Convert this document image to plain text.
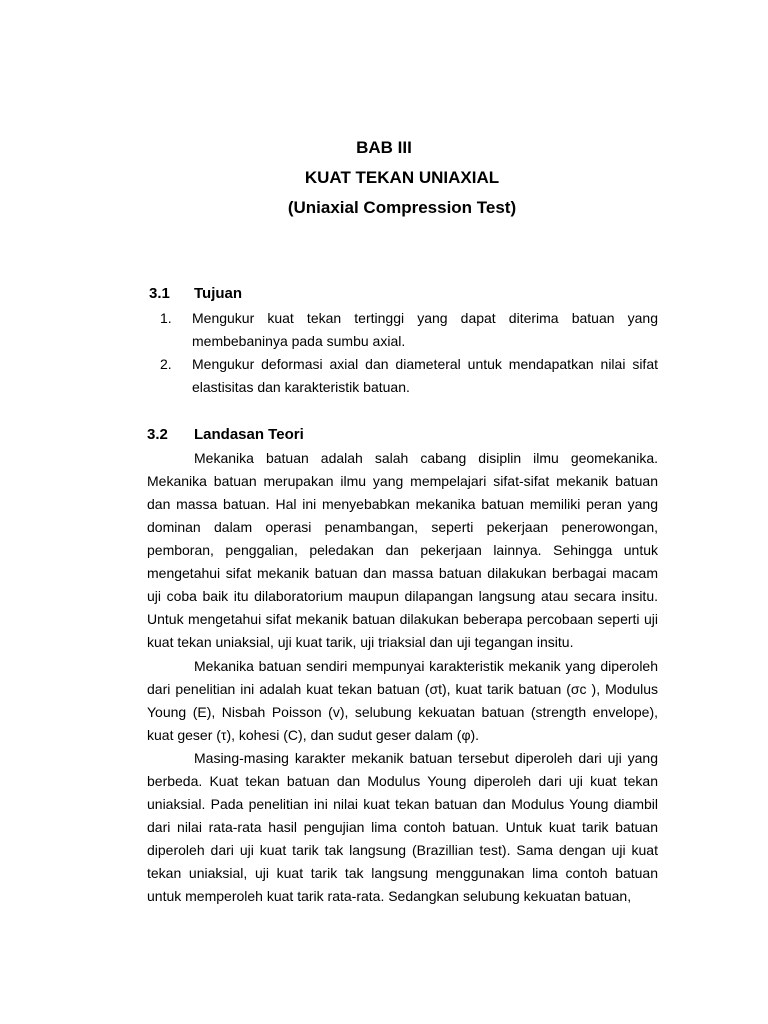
BAB III
KUAT TEKAN UNIAXIAL
(Uniaxial Compression Test)
3.1 Tujuan
1.	Mengukur kuat tekan tertinggi yang dapat diterima batuan yang membebaninya pada sumbu axial.
2.	Mengukur deformasi axial dan diameteral untuk mendapatkan nilai sifat elastisitas dan karakteristik batuan.
3.2 Landasan Teori

Mekanika batuan adalah salah cabang disiplin ilmu geomekanika. Mekanika batuan merupakan ilmu yang mempelajari sifat-sifat mekanik batuan dan massa batuan. Hal ini menyebabkan mekanika batuan memiliki peran yang dominan dalam operasi penambangan, seperti pekerjaan penerowongan, pemboran, penggalian, peledakan dan pekerjaan lainnya. Sehingga untuk mengetahui sifat mekanik batuan dan massa batuan dilakukan berbagai macam uji coba baik itu dilaboratorium maupun dilapangan langsung atau secara insitu. Untuk mengetahui sifat mekanik batuan dilakukan beberapa percobaan seperti uji kuat tekan uniaksial, uji kuat tarik, uji triaksial dan uji tegangan insitu.

Mekanika batuan sendiri mempunyai karakteristik mekanik yang diperoleh dari penelitian ini adalah kuat tekan batuan (σt), kuat tarik batuan (σc ), Modulus Young (E), Nisbah Poisson (v), selubung kekuatan batuan (strength envelope), kuat geser (τ), kohesi (C), dan sudut geser dalam (φ).

Masing-masing karakter mekanik batuan tersebut diperoleh dari uji yang berbeda. Kuat tekan batuan dan Modulus Young diperoleh dari uji kuat tekan uniaksial. Pada penelitian ini nilai kuat tekan batuan dan Modulus Young diambil dari nilai rata-rata hasil pengujian lima contoh batuan. Untuk kuat tarik batuan diperoleh dari uji kuat tarik tak langsung (Brazillian test). Sama dengan uji kuat tekan uniaksial, uji kuat tarik tak langsung menggunakan lima contoh batuan untuk memperoleh kuat tarik rata-rata. Sedangkan selubung kekuatan batuan,
